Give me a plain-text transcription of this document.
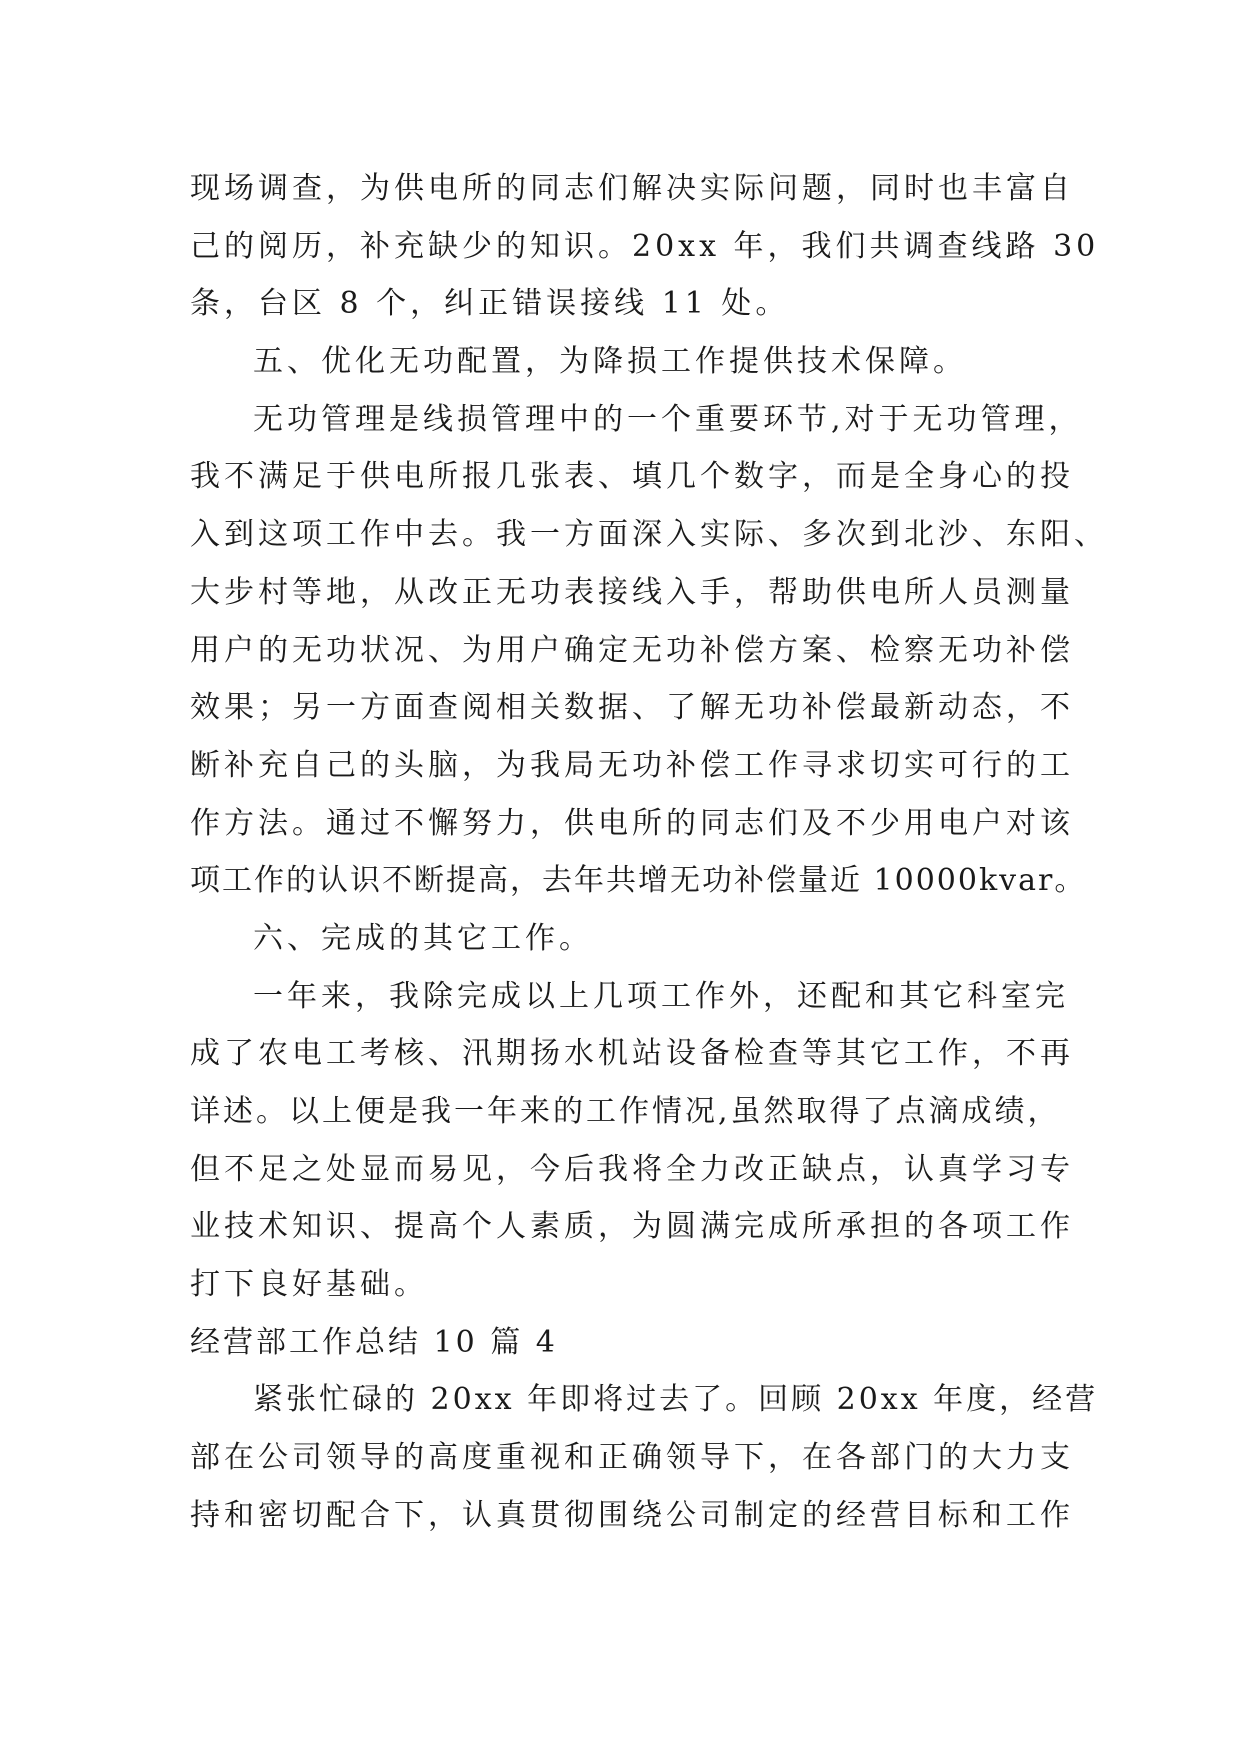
现场调查，为供电所的同志们解决实际问题，同时也丰富自
己的阅历，补充缺少的知识。20xx 年，我们共调查线路 30
条，台区 8 个，纠正错误接线 11 处。
五、优化无功配置，为降损工作提供技术保障。
无功管理是线损管理中的一个重要环节,对于无功管理，
我不满足于供电所报几张表、填几个数字，而是全身心的投
入到这项工作中去。我一方面深入实际、多次到北沙、东阳、
大步村等地，从改正无功表接线入手，帮助供电所人员测量
用户的无功状况、为用户确定无功补偿方案、检察无功补偿
效果；另一方面查阅相关数据、了解无功补偿最新动态，不
断补充自己的头脑，为我局无功补偿工作寻求切实可行的工
作方法。通过不懈努力，供电所的同志们及不少用电户对该
项工作的认识不断提高，去年共增无功补偿量近 10000kvar。
六、完成的其它工作。
一年来，我除完成以上几项工作外，还配和其它科室完
成了农电工考核、汛期扬水机站设备检查等其它工作，不再
详述。以上便是我一年来的工作情况,虽然取得了点滴成绩，
但不足之处显而易见，今后我将全力改正缺点，认真学习专
业技术知识、提高个人素质，为圆满完成所承担的各项工作
打下良好基础。
经营部工作总结 10 篇 4
紧张忙碌的 20xx 年即将过去了。回顾 20xx 年度，经营
部在公司领导的高度重视和正确领导下，在各部门的大力支
持和密切配合下，认真贯彻围绕公司制定的经营目标和工作
